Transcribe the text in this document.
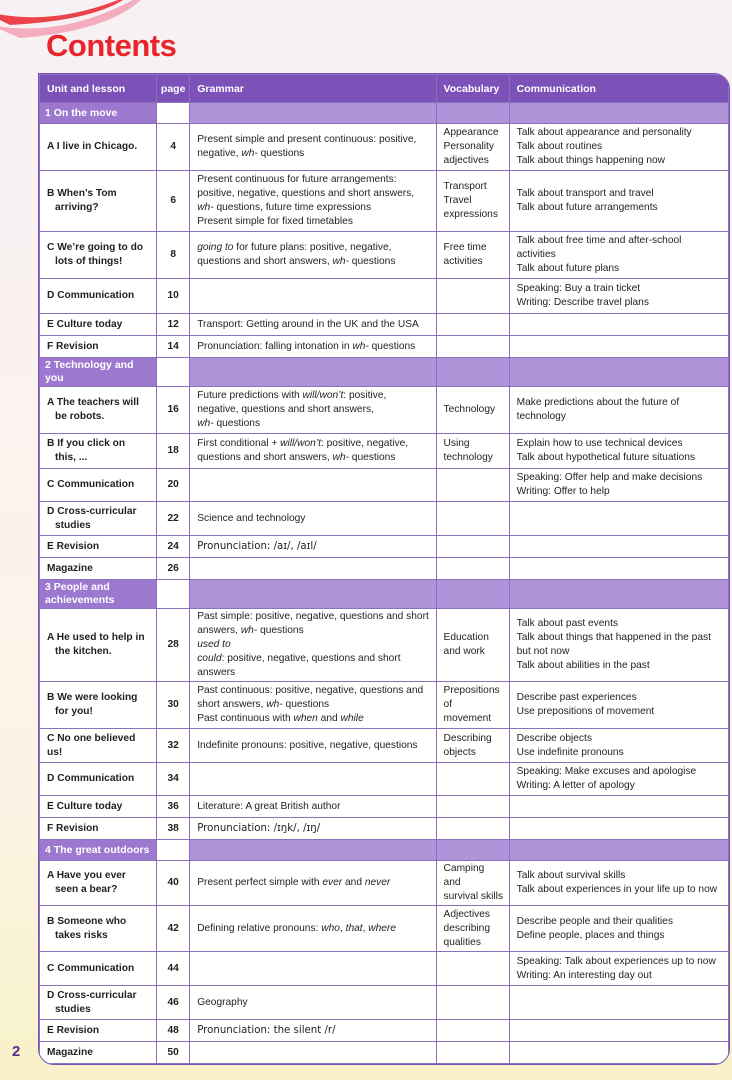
Contents
Unit and lesson	page	Grammar	Vocabulary	Communication

1 On the move				

A I live in Chicago.	4	Present simple and present continuous: positive,
negative, wh- questions	Appearance
Personality
adjectives	Talk about appearance and personality
Talk about routines
Talk about things happening now

B When’s Tom
arriving?	6	Present continuous for future arrangements:
positive, negative, questions and short answers,
wh- questions, future time expressions
Present simple for fixed timetables	Transport
Travel
expressions	Talk about transport and travel
Talk about future arrangements

C We’re going to do
lots of things!	8	going to for future plans: positive, negative,
questions and short answers, wh- questions	Free time
activities	Talk about free time and after-school
activities
Talk about future plans

D Communication	10			Speaking: Buy a train ticket
Writing: Describe travel plans

E Culture today	12	Transport: Getting around in the UK and the USA		

F Revision	14	Pronunciation: falling intonation in wh- questions		

2 Technology and you				

A The teachers will
be robots.	16	Future predictions with will/won’t: positive,
negative, questions and short answers,
wh- questions	Technology	Make predictions about the future of
technology

B If you click on
this, ...	18	First conditional + will/won’t: positive, negative,
questions and short answers, wh- questions	Using
technology	Explain how to use technical devices
Talk about hypothetical future situations

C Communication	20			Speaking: Offer help and make decisions
Writing: Offer to help

D Cross-curricular
studies	22	Science and technology		

E Revision	24	Pronunciation: /aɪ/, /aɪl/		

Magazine	26			

3 People and
achievements				

A He used to help in
the kitchen.	28	Past simple: positive, negative, questions and short
answers, wh- questions
used to
could: positive, negative, questions and short answers	Education
and work	Talk about past events
Talk about things that happened in the past
but not now
Talk about abilities in the past

B We were looking
for you!	30	Past continuous: positive, negative, questions and
short answers, wh- questions
Past continuous with when and while	Prepositions
of
movement	Describe past experiences
Use prepositions of movement

C No one believed us!	32	Indefinite pronouns: positive, negative, questions	Describing
objects	Describe objects
Use indefinite pronouns

D Communication	34			Speaking: Make excuses and apologise
Writing: A letter of apology

E Culture today	36	Literature: A great British author		

F Revision	38	Pronunciation: /ɪŋk/, /ɪŋ/		

4 The great outdoors				

A Have you ever
seen a bear?	40	Present perfect simple with ever and never	Camping and
survival skills	Talk about survival skills
Talk about experiences in your life up to now

B Someone who
takes risks	42	Defining relative pronouns: who, that, where	Adjectives
describing
qualities	Describe people and their qualities
Define people, places and things

C Communication	44			Speaking: Talk about experiences up to now
Writing: An interesting day out

D Cross-curricular
studies	46	Geography		

E Revision	48	Pronunciation: the silent /r/		

Magazine	50			
2
